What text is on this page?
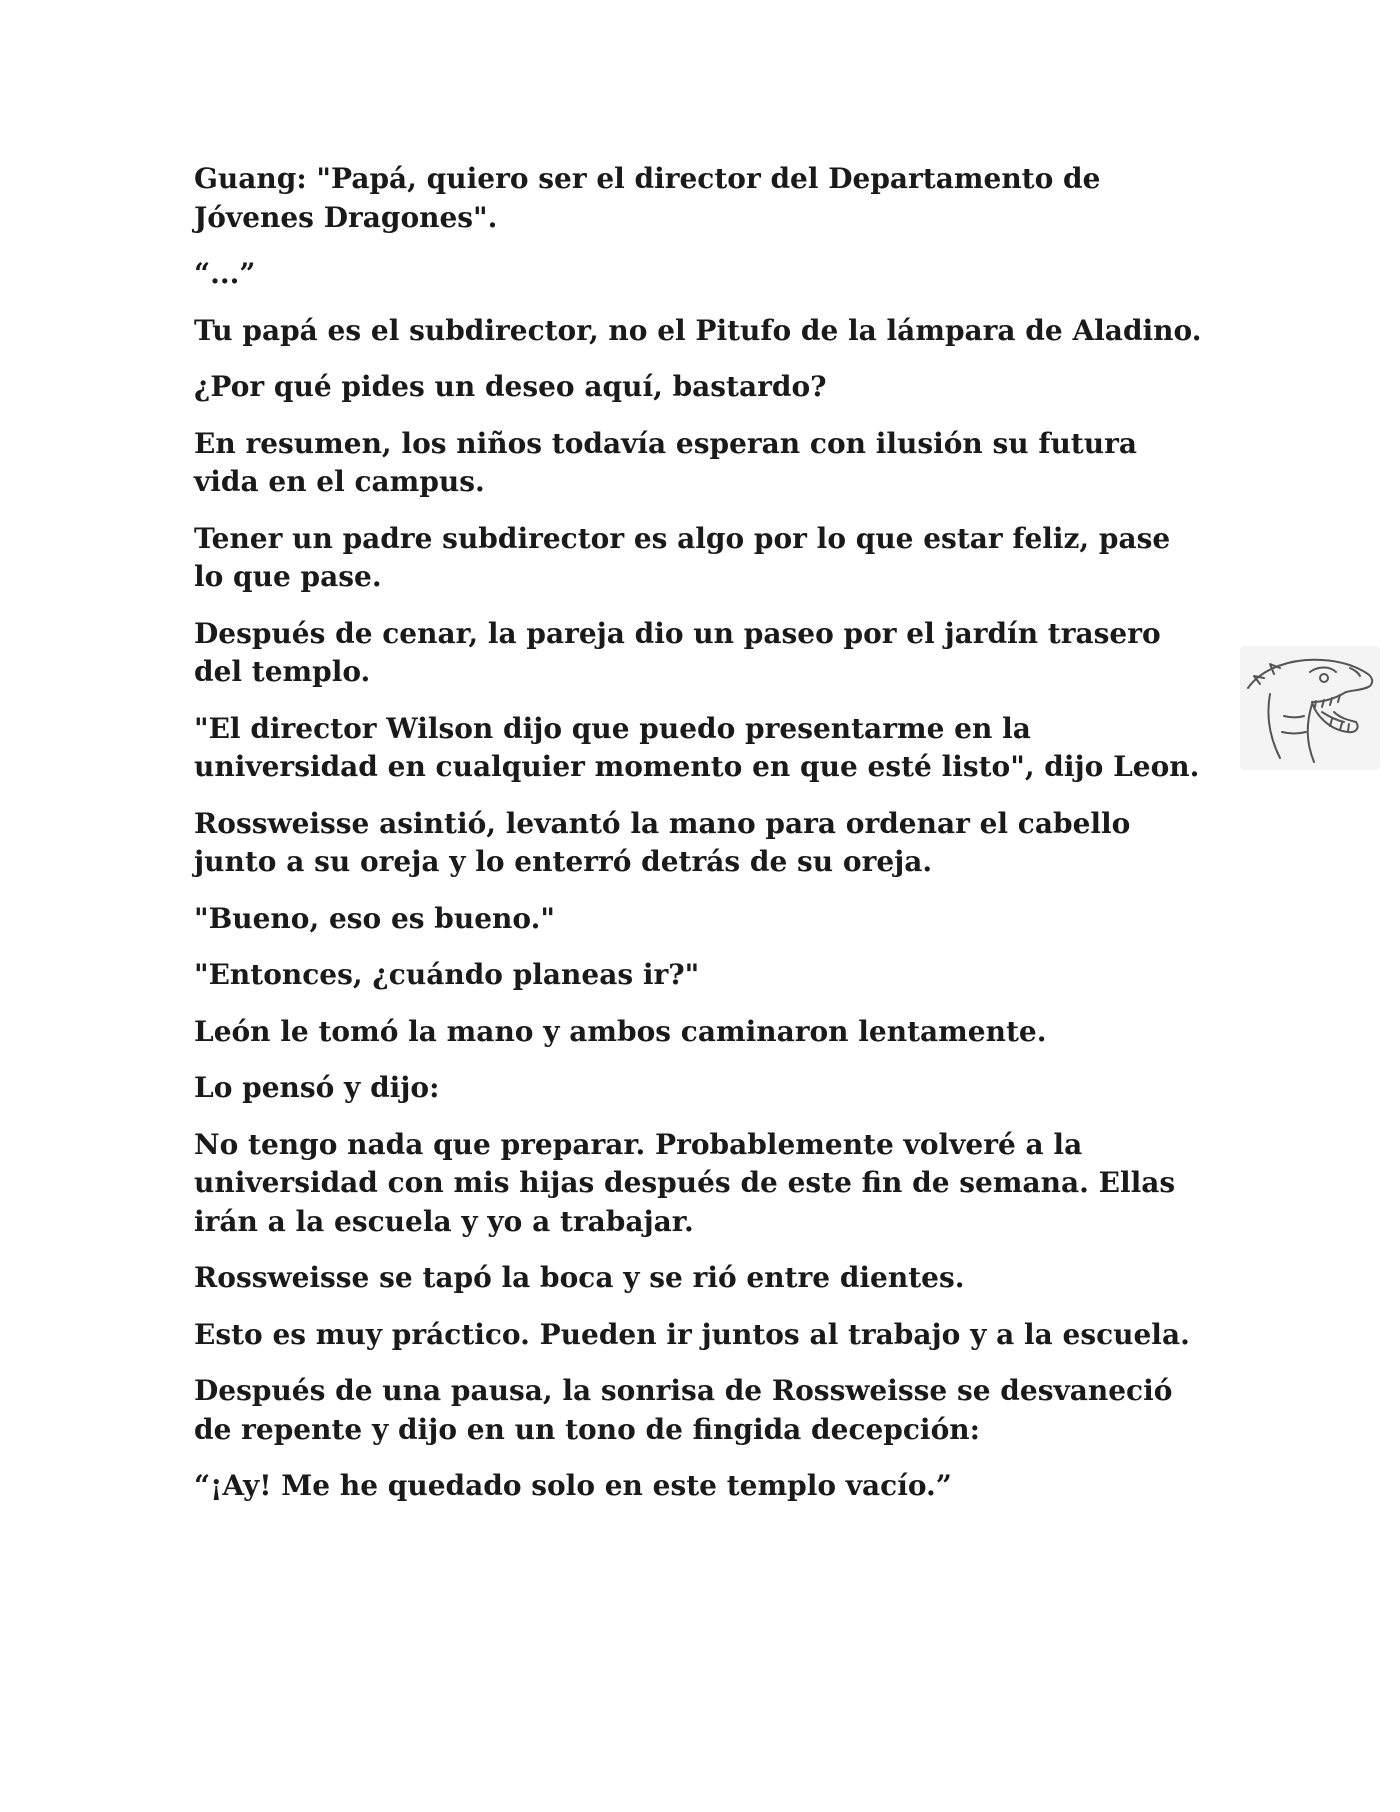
Guang: "Papá, quiero ser el director del Departamento de Jóvenes Dragones".

“...”

Tu papá es el subdirector, no el Pitufo de la lámpara de Aladino.

¿Por qué pides un deseo aquí, bastardo?

En resumen, los niños todavía esperan con ilusión su futura vida en el campus.

Tener un padre subdirector es algo por lo que estar feliz, pase lo que pase.

Después de cenar, la pareja dio un paseo por el jardín trasero del templo.

"El director Wilson dijo que puedo presentarme en la universidad en cualquier momento en que esté listo", dijo Leon.

Rossweisse asintió, levantó la mano para ordenar el cabello junto a su oreja y lo enterró detrás de su oreja.

"Bueno, eso es bueno."

"Entonces, ¿cuándo planeas ir?"

León le tomó la mano y ambos caminaron lentamente.

Lo pensó y dijo:

No tengo nada que preparar. Probablemente volveré a la universidad con mis hijas después de este fin de semana. Ellas irán a la escuela y yo a trabajar.

Rossweisse se tapó la boca y se rió entre dientes.

Esto es muy práctico. Pueden ir juntos al trabajo y a la escuela.

Después de una pausa, la sonrisa de Rossweisse se desvaneció de repente y dijo en un tono de fingida decepción:

“¡Ay! Me he quedado solo en este templo vacío.”
